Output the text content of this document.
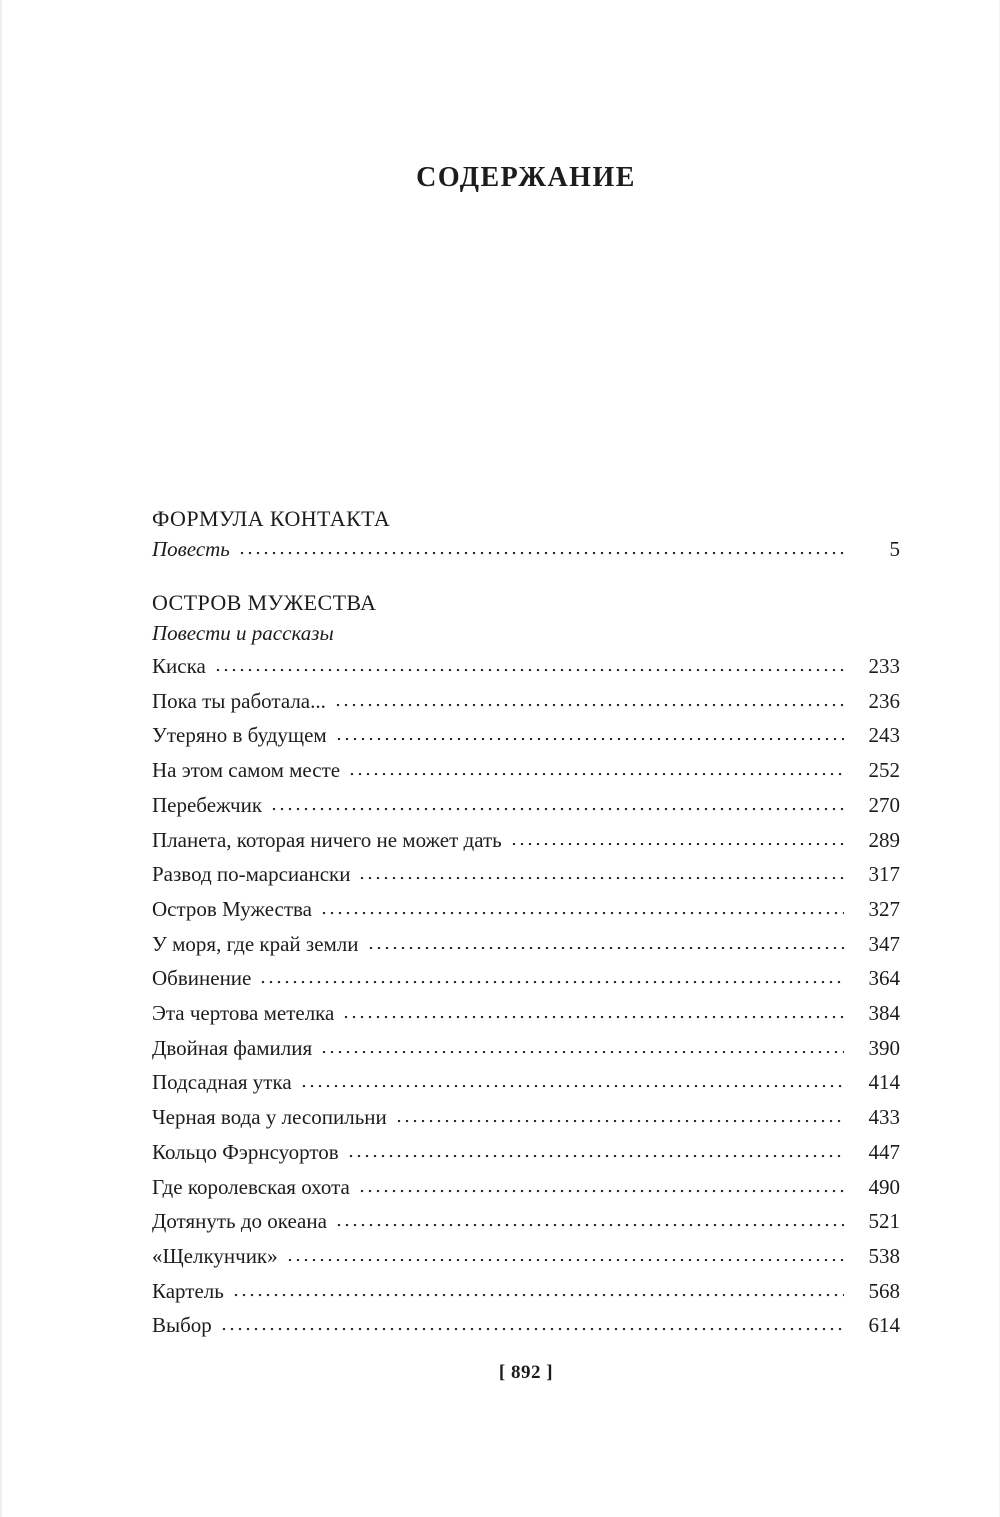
СОДЕРЖАНИЕ
ФОРМУЛА КОНТАКТА
Повесть	5
ОСТРОВ МУЖЕСТВА
Повести и рассказы
Киска	233
Пока ты работала...	236
Утеряно в будущем	243
На этом самом месте	252
Перебежчик	270
Планета, которая ничего не может дать	289
Развод по-марсиански	317
Остров Мужества	327
У моря, где край земли	347
Обвинение	364
Эта чертова метелка	384
Двойная фамилия	390
Подсадная утка	414
Черная вода у лесопильни	433
Кольцо Фэрнсуортов	447
Где королевская охота	490
Дотянуть до океана	521
«Щелкунчик»	538
Картель	568
Выбор	614
[ 892 ]
